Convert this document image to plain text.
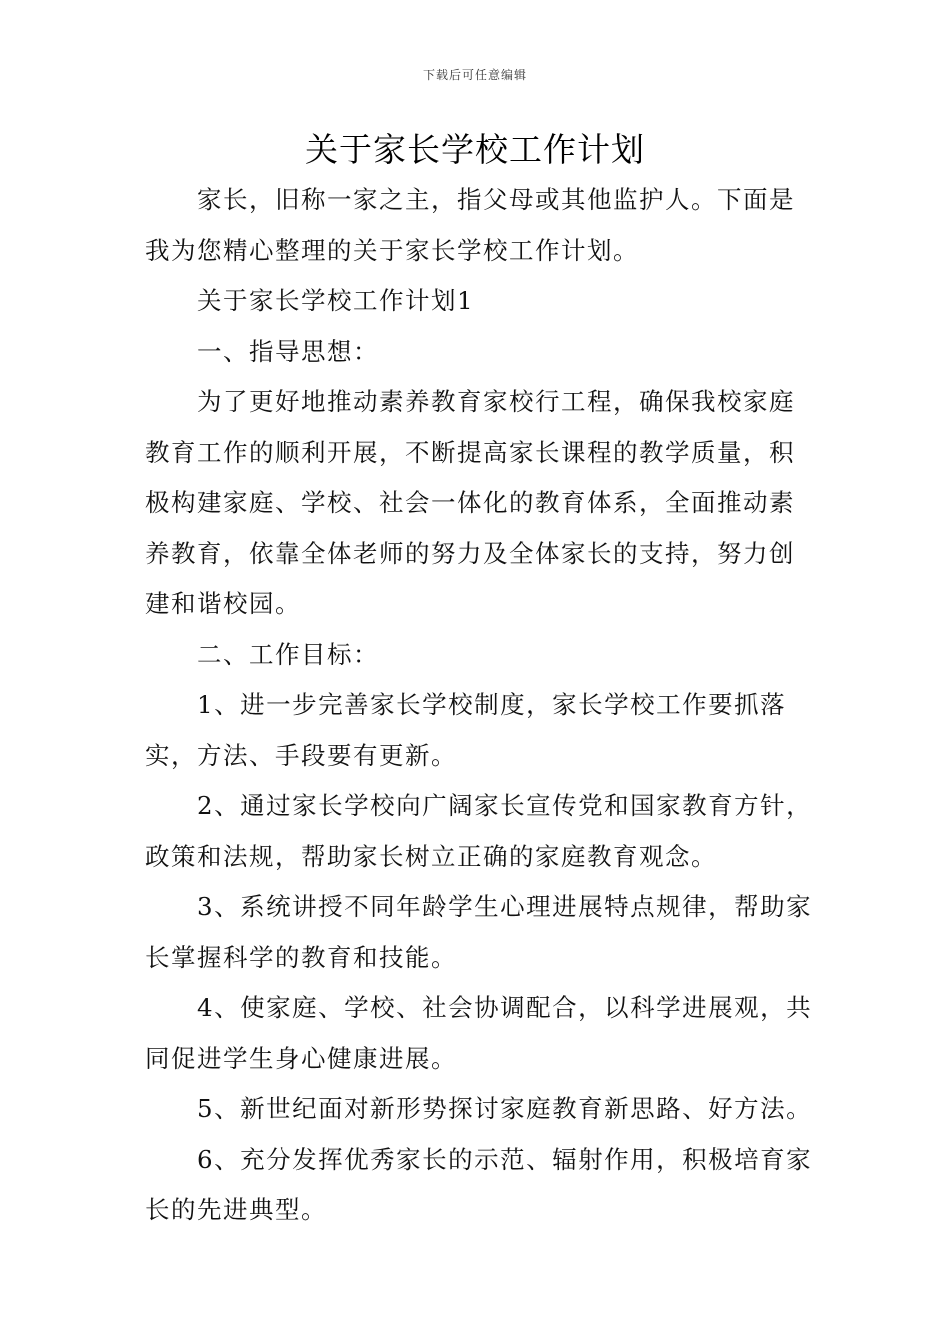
下载后可任意编辑
关于家长学校工作计划

家长，旧称一家之主，指父母或其他监护人。下面是我为您精心整理的关于家长学校工作计划。

关于家长学校工作计划1

一、指导思想：

为了更好地推动素养教育家校行工程，确保我校家庭教育工作的顺利开展，不断提高家长课程的教学质量，积极构建家庭、学校、社会一体化的教育体系，全面推动素养教育，依靠全体老师的努力及全体家长的支持，努力创建和谐校园。

二、工作目标：

1、进一步完善家长学校制度，家长学校工作要抓落实，方法、手段要有更新。

2、通过家长学校向广阔家长宣传党和国家教育方针，政策和法规，帮助家长树立正确的家庭教育观念。

3、系统讲授不同年龄学生心理进展特点规律，帮助家长掌握科学的教育和技能。

4、使家庭、学校、社会协调配合，以科学进展观，共同促进学生身心健康进展。

5、新世纪面对新形势探讨家庭教育新思路、好方法。

6、充分发挥优秀家长的示范、辐射作用，积极培育家长的先进典型。
